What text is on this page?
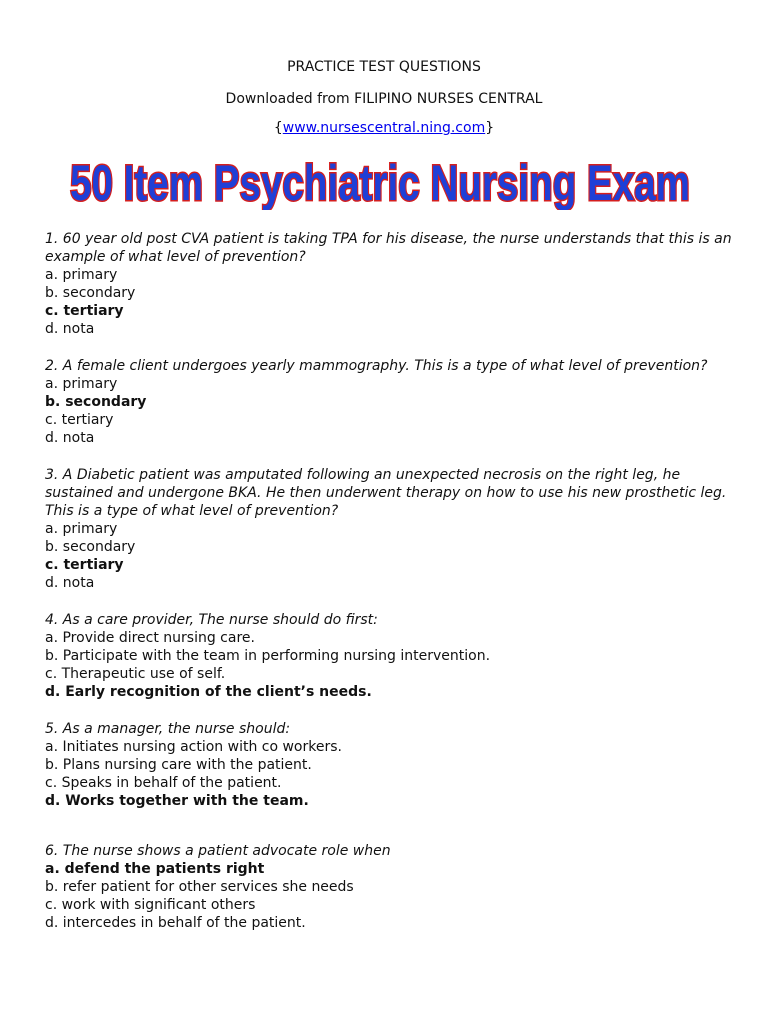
PRACTICE TEST QUESTIONS
Downloaded from FILIPINO NURSES CENTRAL
{www.nursescentral.ning.com}
50 Item Psychiatric Nursing Exam

1. 60 year old post CVA patient is taking TPA for his disease, the nurse understands that this is an example of what level of prevention?

a. primary

b. secondary

c. tertiary

d. nota

2. A female client undergoes yearly mammography. This is a type of what level of prevention?

a. primary

b. secondary

c. tertiary

d. nota

3. A Diabetic patient was amputated following an unexpected necrosis on the right leg, he sustained and undergone BKA. He then underwent therapy on how to use his new prosthetic leg. This is a type of what level of prevention?

a. primary

b. secondary

c. tertiary

d. nota

4. As a care provider, The nurse should do first:

a. Provide direct nursing care.

b. Participate with the team in performing nursing intervention.

c. Therapeutic use of self.

d. Early recognition of the client’s needs.

5. As a manager, the nurse should:

a. Initiates nursing action with co workers.

b. Plans nursing care with the patient.

c. Speaks in behalf of the patient.

d. Works together with the team.

6. The nurse shows a patient advocate role when

a. defend the patients right

b. refer patient for other services she needs

c. work with significant others

d. intercedes in behalf of the patient.
